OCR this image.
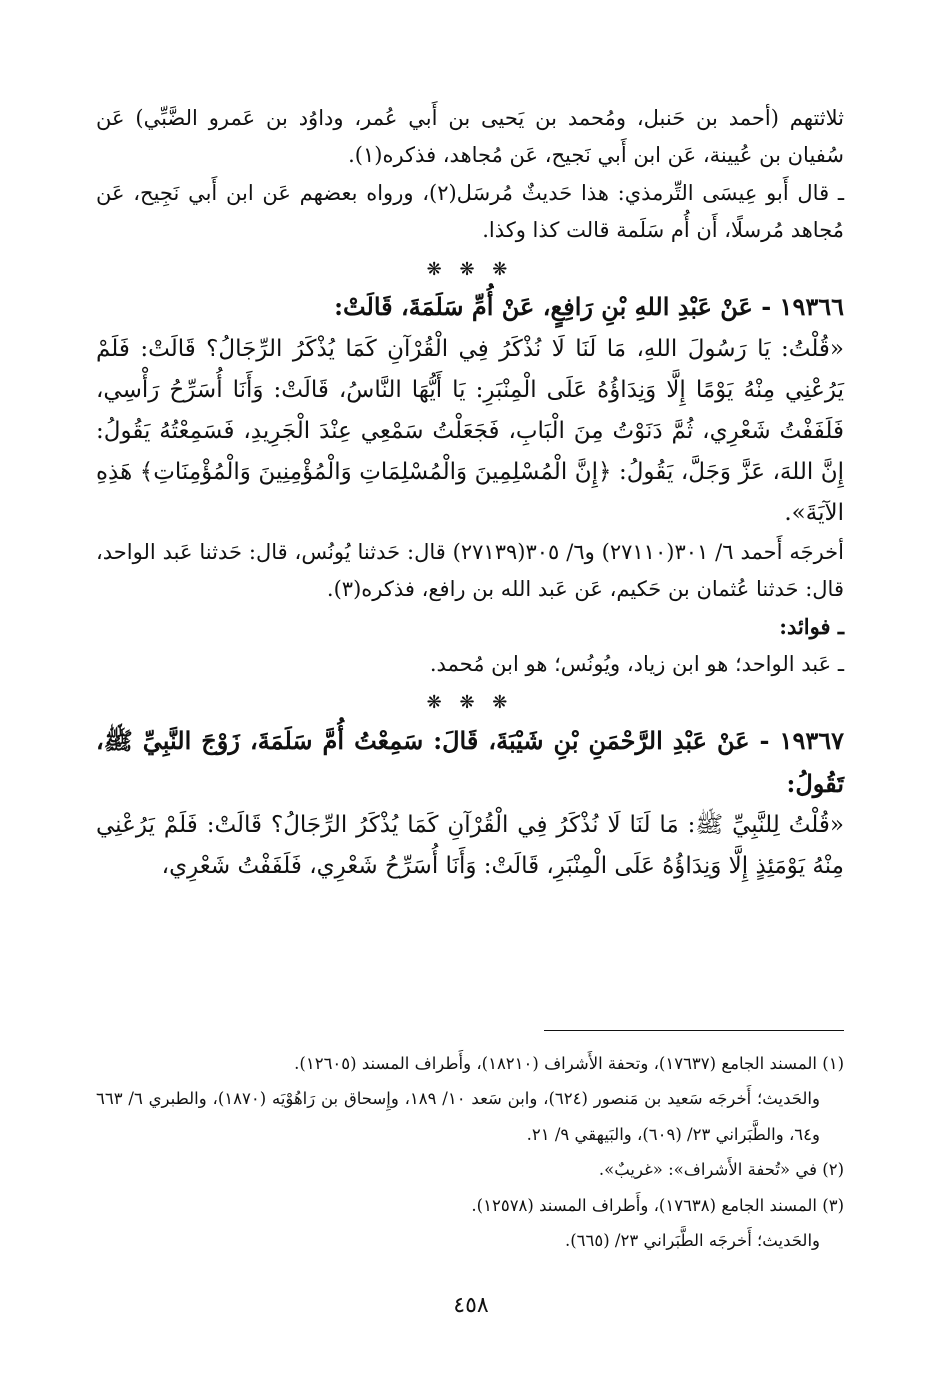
ثلاثتهم (أحمد بن حَنبل، ومُحمد بن يَحيى بن أَبي عُمر، وداوُد بن عَمرو الضَّبِّي) عَن سُفيان بن عُيينة، عَن ابن أَبي نَجيح، عَن مُجاهد، فذكره(١).

ـ قال أَبو عِيسَى التِّرمذي: هذا حَديثٌ مُرسَل(٢)، ورواه بعضهم عَن ابن أَبي نَجِيح، عَن مُجاهد مُرسلًا، أَن أُم سَلَمة قالت كذا وكذا.

❋ ❋ ❋

١٩٣٦٦ - عَنْ عَبْدِ اللهِ بْنِ رَافِعٍ، عَنْ أُمِّ سَلَمَةَ، قَالَتْ:

«قُلْتُ: يَا رَسُولَ اللهِ، مَا لَنَا لَا نُذْكَرُ فِي الْقُرْآنِ كَمَا يُذْكَرُ الرِّجَالُ؟ قَالَتْ: فَلَمْ يَرُعْنِي مِنْهُ يَوْمًا إِلَّا وَنِدَاؤُهُ عَلَى الْمِنْبَرِ: يَا أَيُّهَا النَّاسُ، قَالَتْ: وَأَنَا أُسَرِّحُ رَأْسِي، فَلَفَفْتُ شَعْرِي، ثُمَّ دَنَوْتُ مِنَ الْبَابِ، فَجَعَلْتُ سَمْعِي عِنْدَ الْجَرِيدِ، فَسَمِعْتُهُ يَقُولُ: إِنَّ اللهَ، عَزَّ وَجَلَّ، يَقُولُ: ﴿إِنَّ الْمُسْلِمِينَ وَالْمُسْلِمَاتِ وَالْمُؤْمِنِينَ وَالْمُؤْمِنَاتِ﴾ هَذِهِ الآيَةَ».

أخرجَه أَحمد ٦/ ٣٠١(٢٧١١٠) و٦/ ٣٠٥(٢٧١٣٩) قال: حَدثنا يُونُس، قال: حَدثنا عَبد الواحد، قال: حَدثنا عُثمان بن حَكيم، عَن عَبد الله بن رافع، فذكره(٣).

ـ فوائد:

ـ عَبد الواحد؛ هو ابن زياد، ويُونُس؛ هو ابن مُحمد.

❋ ❋ ❋

١٩٣٦٧ - عَنْ عَبْدِ الرَّحْمَنِ بْنِ شَيْبَةَ، قَالَ: سَمِعْتُ أُمَّ سَلَمَةَ، زَوْجَ النَّبِيِّ ﷺ، تَقُولُ:

«قُلْتُ لِلنَّبِيِّ ﷺ: مَا لَنَا لَا نُذْكَرُ فِي الْقُرْآنِ كَمَا يُذْكَرُ الرِّجَالُ؟ قَالَتْ: فَلَمْ يَرُعْنِي مِنْهُ يَوْمَئِذٍ إِلَّا وَنِدَاؤُهُ عَلَى الْمِنْبَرِ، قَالَتْ: وَأَنَا أُسَرِّحُ شَعْرِي، فَلَفَفْتُ شَعْرِي،

(١) المسند الجامع (١٧٦٣٧)، وتحفة الأَشراف (١٨٢١٠)، وأَطراف المسند (١٢٦٠٥).

والحَديث؛ أَخرجَه سَعيد بن مَنصور (٦٢٤)، وابن سَعد ١٠/ ١٨٩، وإِسحاق بن رَاهُوْيَه (١٨٧٠)، والطبري ٦/ ٦٦٣ و٦٤، والطَّبَراني ٢٣/ (٦٠٩)، والبَيهقي ٩/ ٢١.

(٢) في «تُحفة الأَشراف»: «غريبٌ».

(٣) المسند الجامع (١٧٦٣٨)، وأَطراف المسند (١٢٥٧٨).

والحَديث؛ أَخرجَه الطَّبَراني ٢٣/ (٦٦٥).

٤٥٨
